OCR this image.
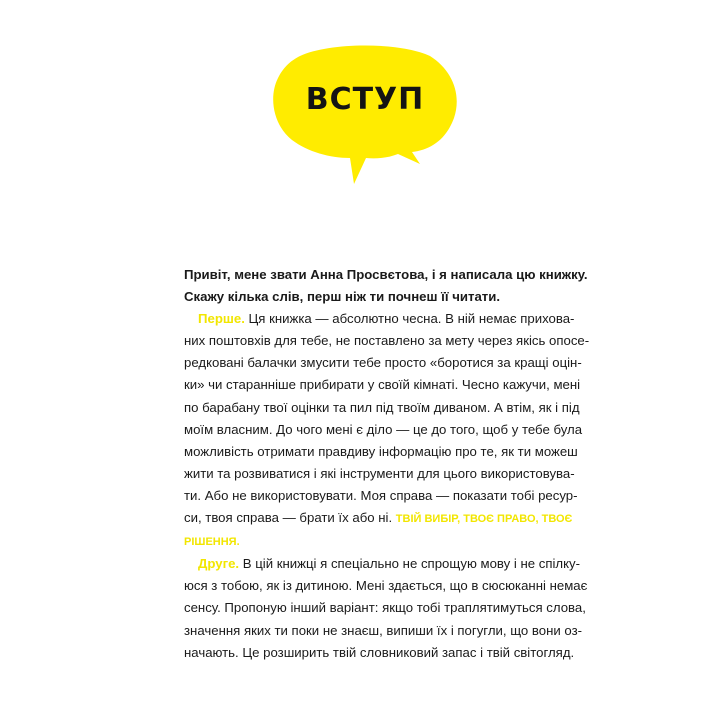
ВСТУП
Привіт, мене звати Анна Просвєтова, і я написала цю книжку.
Скажу кілька слів, перш ніж ти почнеш її читати.
Перше. Ця книжка — абсолютно чесна. В ній немає прихова-
них поштовхів для тебе, не поставлено за мету через якісь опосе-
редковані балачки змусити тебе просто «боротися за кращі оцін-
ки» чи старанніше прибирати у своїй кімнаті. Чесно кажучи, мені
по барабану твої оцінки та пил під твоїм диваном. А втім, як і під
моїм власним. До чого мені є діло — це до того, щоб у тебе була
можливість отримати правдиву інформацію про те, як ти можеш
жити та розвиватися і які інструменти для цього використовува-
ти. Або не використовувати. Моя справа — показати тобі ресур-
си, твоя справа — брати їх або ні. ТВІЙ ВИБІР, ТВОЄ ПРАВО, ТВОЄ
РІШЕННЯ.
Друге. В цій книжці я спеціально не спрощую мову і не спілку-
юся з тобою, як із дитиною. Мені здається, що в сюсюканні немає
сенсу. Пропоную інший варіант: якщо тобі траплятимуться слова,
значення яких ти поки не знаєш, випиши їх і погугли, що вони оз-
начають. Це розширить твій словниковий запас і твій світогляд.
